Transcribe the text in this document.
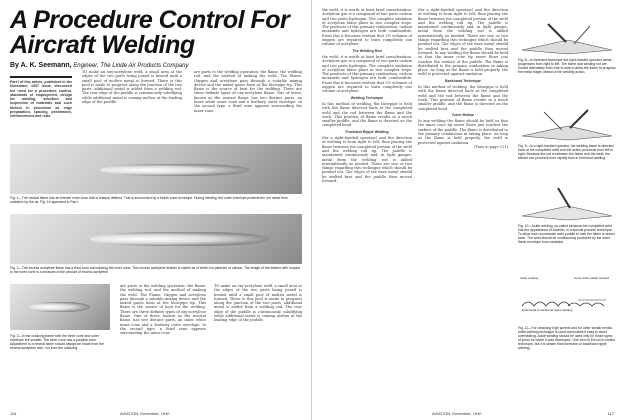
A Procedure Control For Aircraft Welding
By A. K. Seemann, Engineer, The Linde Air Products Company
Part I of this article, published in the November, 1937 issue, discussed the need for a procedure control, standards of employment, design for welding, selection and inspection of materials and such factors in procedure as edge preparation, spacing, penetration, reinforcement and rods.
TO make an oxy-acetylene weld, a small area at the edges of the two parts being joined is heated until a small pool of molten metal is formed. There is this pool is made to progress along the junction of the two parts, additional metal is added from a welding rod. The rear edge of the puddle is continuously solidifying while additional metal is coming molten at the leading edge of the puddle.
are parts to the welding operation: the flame, the welding rod, and the method of making the weld. The Flame: Oxygen and acetylene pass through a suitable mixing device and the mixed gases burn at the blowpipe tip. This flame is the source of heat for the welding. There are three definite types of oxy-acetylene flame. One of these, known as the neutral flame, has two distinct parts, an inner white inner cone and a feathery outer envelope. In the second type, a third zone appears surrounding the inner cone.
Fig. 1—The neutral flame has an intense inner cone that is sharply defined. This is surrounded by a bluish outer envelope. During welding, the outer envelope protects the hot metal from oxidation by the air. Fig. 14 appeared in Part I.
Fig. 2—The excess acetylene flame has a third zone surrounding the inner cone. This excess acetylene feather is visible as of white-hot particles of carbon. The length of the feather with respect to the inner cone is a measure of the amount of excess acetylene.
Fig. 3—In the oxidizing flame both the inner cone and outer envelope are smaller. The inner cone has a purplish color. Adjustment to a neutral flame should always be made from the excess acetylene side, not from the oxidizing.
are parts to the welding operation: the flame, the welding rod, and the method of making the weld. The Flame: Oxygen and acetylene pass through a suitable mixing device and the mixed gases burn at the blowpipe tip. This flame is the source of heat for the welding. There are three definite types of oxy-acetylene flame. One of these, known as the neutral flame, has two distinct parts, an inner white inner cone and a feathery outer envelope. In the second type, a third zone appears surrounding the inner cone.
TO make an oxy-acetylene weld, a small area at the edges of the two parts being joined is heated until a small pool of molten metal is formed. There is this pool is made to progress along the junction of the two parts, additional metal is added from a welding rod. The rear edge of the puddle is continuously solidifying while additional metal is coming molten at the leading edge of the puddle.
116	AVIATION, December, 1940
the weld, it is worth at least brief consideration. Acetylene gas is a compound of two parts carbon and two parts hydrogen. The complete oxidation of acetylene takes place in two complex steps. The products of this primary combustion, carbon monoxide and hydrogen are both combustible. From this it becomes evident that 2½ volumes of oxygen are required to burn completely one volume of acetylene.
The Welding Rod
the weld, it is worth at least brief consideration. Acetylene gas is a compound of two parts carbon and two parts hydrogen. The complete oxidation of acetylene takes place in two complex steps. The products of this primary combustion, carbon monoxide and hydrogen are both combustible. From this it becomes evident that 2½ volumes of oxygen are required to burn completely one volume of acetylene.
Welding Technique
In this method of welding, the blowpipe is held with the flame directed back at the completed weld and the rod between the flame and the work. This position of flame results in a much smaller puddle, and the flame is directed on the completed bead.
Forehand Ripple Welding
(for a right-handed operator) and the direction of welding is from right to left, thus placing the flame between the completed portion of the weld and the welding rod tip. The puddle is maintained continuously and, in light gauges, metal from the welding rod is added intermittently as needed. There are one or two things regarding this technique which should be pointed out. The edges of the base metal should be melted first and the puddle then moved forward.
(for a right-handed operator) and the direction of welding is from right to left, thus placing the flame between the completed portion of the weld and the welding rod tip. The puddle is maintained continuously and, in light gauges, metal from the welding rod is added intermittently as needed. There are one or two things regarding this technique which should be pointed out. The edges of the base metal should be melted first and the puddle then moved forward. In any welding the flame should be held so that the inner cone tip never flows just touches the surface of the puddle. The flame is distributed to the primary combustion in taking place. As long as the flame is held properly, the weld is protected against oxidation.
Backhand Technique
In this method of welding, the blowpipe is held with the flame directed back at the completed weld and the rod between the flame and the work. This position of flame results in a much smaller puddle, and the flame is directed on the completed bead.
Torch Motion
In any welding the flame should be held so that the inner cone tip never flows just touches the surface of the puddle. The flame is distributed to the primary combustion in taking place. As long as the flame is held properly, the weld is protected against oxidation.
(Turn to page 121)
Fig. 8—In forehand technique the right-handed operator welds progresses from right to left. The flame and welding rod are moved alternately from side to side to allow the flame to progress the metal edges ahead of the welding action.
Fig. 9—In a right-handed operator, the welding flame is directed back at the completed weld and the action proceeds from left to right. Because the rod is between the flame and the weld, the welder can proceed more rapidly than in forehand welding.
Fig. 10—Ackle welding, so-called because the completed weld has the appearance of Ackerlin, is a special process technique. To allow each successive weld puddle to melt the flame is drawn back. The weld should be continuously protected by the outer flame envelope from oxidation.
Ackle welding	Carry weld puddle forward
Directional in backhand ripple welding
Fig. 11—For obtaining high speeds and for other similar media, ackle-welding technique is used and makes it easy to avoid overheating. Ackle welding should be used only for those types of joints for which it was developed. One form is the torch-motion technique, but it is slower than forehand or backhand ripple welding.
AVIATION, December, 1940	117
